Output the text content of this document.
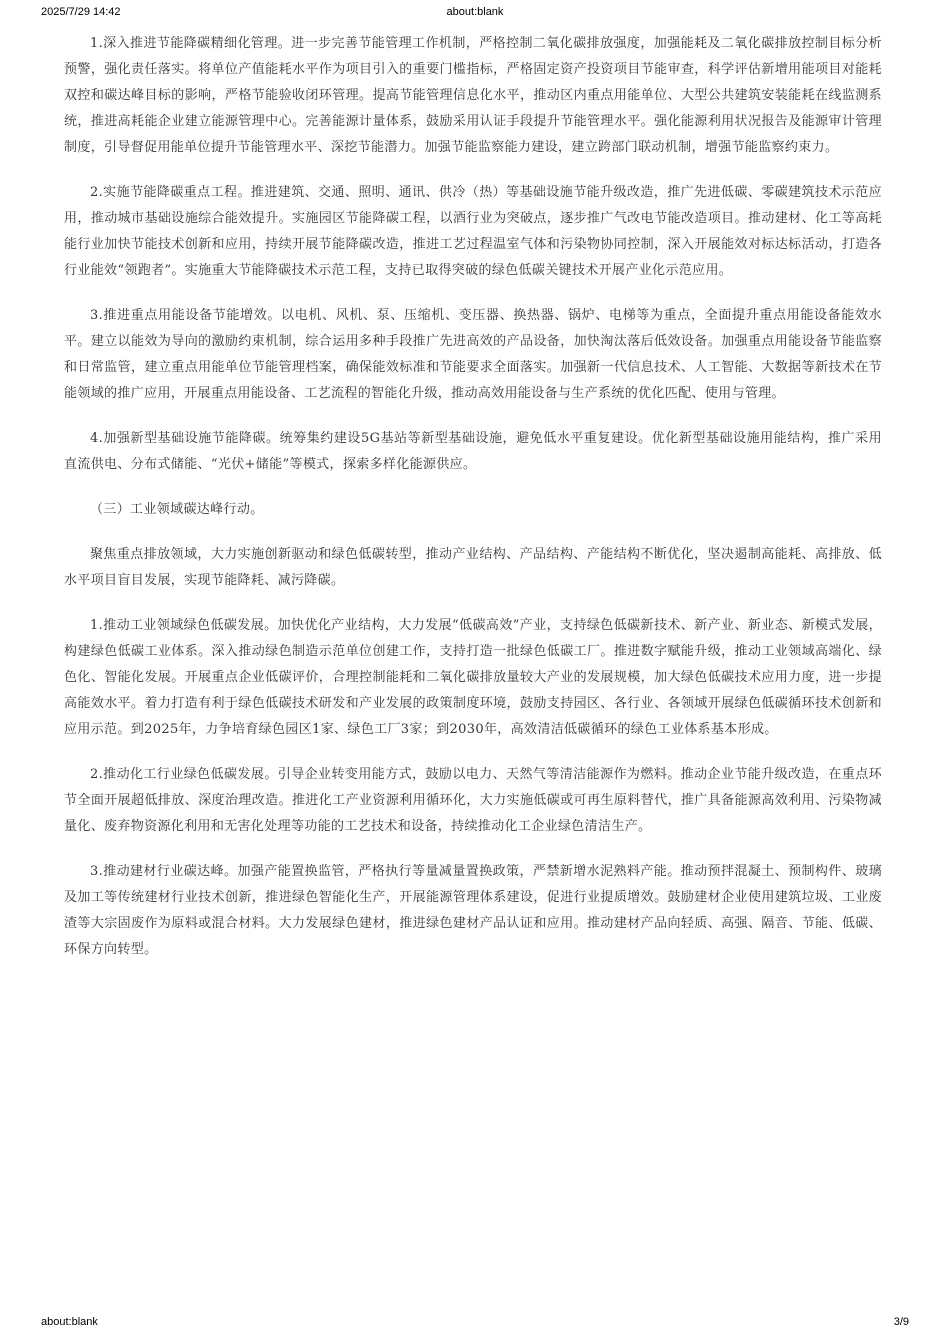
2025/7/29 14:42	about:blank

1.深入推进节能降碳精细化管理。进一步完善节能管理工作机制，严格控制二氧化碳排放强度，加强能耗及二氧化碳排放控制目标分析预警，强化责任落实。将单位产值能耗水平作为项目引入的重要门槛指标，严格固定资产投资项目节能审查，科学评估新增用能项目对能耗双控和碳达峰目标的影响，严格节能验收闭环管理。提高节能管理信息化水平，推动区内重点用能单位、大型公共建筑安装能耗在线监测系统，推进高耗能企业建立能源管理中心。完善能源计量体系，鼓励采用认证手段提升节能管理水平。强化能源利用状况报告及能源审计管理制度，引导督促用能单位提升节能管理水平、深挖节能潜力。加强节能监察能力建设，建立跨部门联动机制，增强节能监察约束力。

2.实施节能降碳重点工程。推进建筑、交通、照明、通讯、供冷（热）等基础设施节能升级改造，推广先进低碳、零碳建筑技术示范应用，推动城市基础设施综合能效提升。实施园区节能降碳工程，以酒行业为突破点，逐步推广气改电节能改造项目。推动建材、化工等高耗能行业加快节能技术创新和应用，持续开展节能降碳改造，推进工艺过程温室气体和污染物协同控制，深入开展能效对标达标活动，打造各行业能效“领跑者”。实施重大节能降碳技术示范工程，支持已取得突破的绿色低碳关键技术开展产业化示范应用。

3.推进重点用能设备节能增效。以电机、风机、泵、压缩机、变压器、换热器、锅炉、电梯等为重点，全面提升重点用能设备能效水平。建立以能效为导向的激励约束机制，综合运用多种手段推广先进高效的产品设备，加快淘汰落后低效设备。加强重点用能设备节能监察和日常监管，建立重点用能单位节能管理档案，确保能效标准和节能要求全面落实。加强新一代信息技术、人工智能、大数据等新技术在节能领域的推广应用，开展重点用能设备、工艺流程的智能化升级，推动高效用能设备与生产系统的优化匹配、使用与管理。

4.加强新型基础设施节能降碳。统筹集约建设5G基站等新型基础设施，避免低水平重复建设。优化新型基础设施用能结构，推广采用直流供电、分布式储能、“光伏+储能”等模式，探索多样化能源供应。

（三）工业领域碳达峰行动。

聚焦重点排放领域，大力实施创新驱动和绿色低碳转型，推动产业结构、产品结构、产能结构不断优化，坚决遏制高能耗、高排放、低水平项目盲目发展，实现节能降耗、减污降碳。

1.推动工业领域绿色低碳发展。加快优化产业结构，大力发展“低碳高效”产业，支持绿色低碳新技术、新产业、新业态、新模式发展，构建绿色低碳工业体系。深入推动绿色制造示范单位创建工作，支持打造一批绿色低碳工厂。推进数字赋能升级，推动工业领域高端化、绿色化、智能化发展。开展重点企业低碳评价，合理控制能耗和二氧化碳排放量较大产业的发展规模，加大绿色低碳技术应用力度，进一步提高能效水平。着力打造有利于绿色低碳技术研发和产业发展的政策制度环境，鼓励支持园区、各行业、各领域开展绿色低碳循环技术创新和应用示范。到2025年，力争培育绿色园区1家、绿色工厂3家；到2030年，高效清洁低碳循环的绿色工业体系基本形成。

2.推动化工行业绿色低碳发展。引导企业转变用能方式，鼓励以电力、天然气等清洁能源作为燃料。推动企业节能升级改造，在重点环节全面开展超低排放、深度治理改造。推进化工产业资源利用循环化，大力实施低碳或可再生原料替代，推广具备能源高效利用、污染物减量化、废弃物资源化利用和无害化处理等功能的工艺技术和设备，持续推动化工企业绿色清洁生产。

3.推动建材行业碳达峰。加强产能置换监管，严格执行等量减量置换政策，严禁新增水泥熟料产能。推动预拌混凝土、预制构件、玻璃及加工等传统建材行业技术创新，推进绿色智能化生产，开展能源管理体系建设，促进行业提质增效。鼓励建材企业使用建筑垃圾、工业废渣等大宗固废作为原料或混合材料。大力发展绿色建材，推进绿色建材产品认证和应用。推动建材产品向轻质、高强、隔音、节能、低碳、环保方向转型。

about:blank	3/9
